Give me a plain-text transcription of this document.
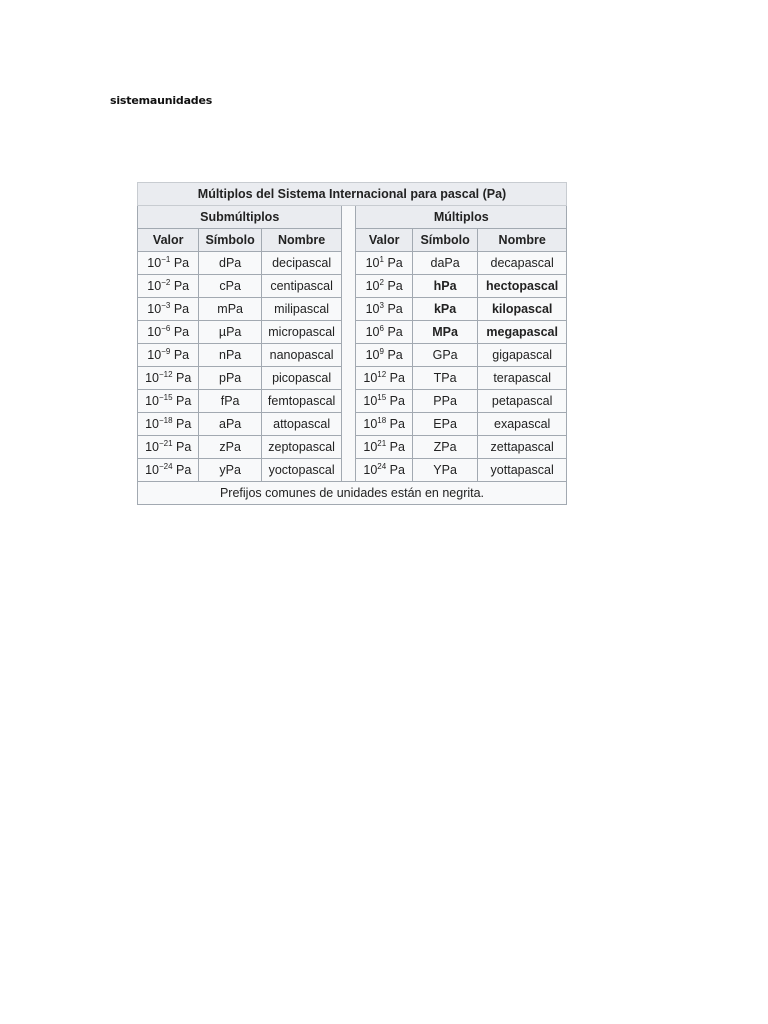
sistemaunidades
Múltiplos del Sistema Internacional para pascal (Pa)						
Submúltiplos				Múltiplos		
Valor	Símbolo	Nombre		Valor	Símbolo	Nombre
$10^{-1}$ Pa	dPa	decipascal		$10^1$ Pa	daPa	decapascal
$10^{-2}$ Pa	cPa	centipascal		$10^2$ Pa	hPa	hectopascal
$10^{-3}$ Pa	mPa	milipascal		$10^3$ Pa	kPa	kilopascal
$10^{-6}$ Pa	µPa	micropascal		$10^6$ Pa	MPa	megapascal
$10^{-9}$ Pa	nPa	nanopascal		$10^9$ Pa	GPa	gigapascal
$10^{-12}$ Pa	pPa	picopascal		$10^{12}$ Pa	TPa	terapascal
$10^{-15}$ Pa	fPa	femtopascal		$10^{15}$ Pa	PPa	petapascal
$10^{-18}$ Pa	aPa	attopascal		$10^{18}$ Pa	EPa	exapascal
$10^{-21}$ Pa	zPa	zeptopascal		$10^{21}$ Pa	ZPa	zettapascal
$10^{-24}$ Pa	yPa	yoctopascal		$10^{24}$ Pa	YPa	yottapascal
Prefijos comunes de unidades están en negrita.						
